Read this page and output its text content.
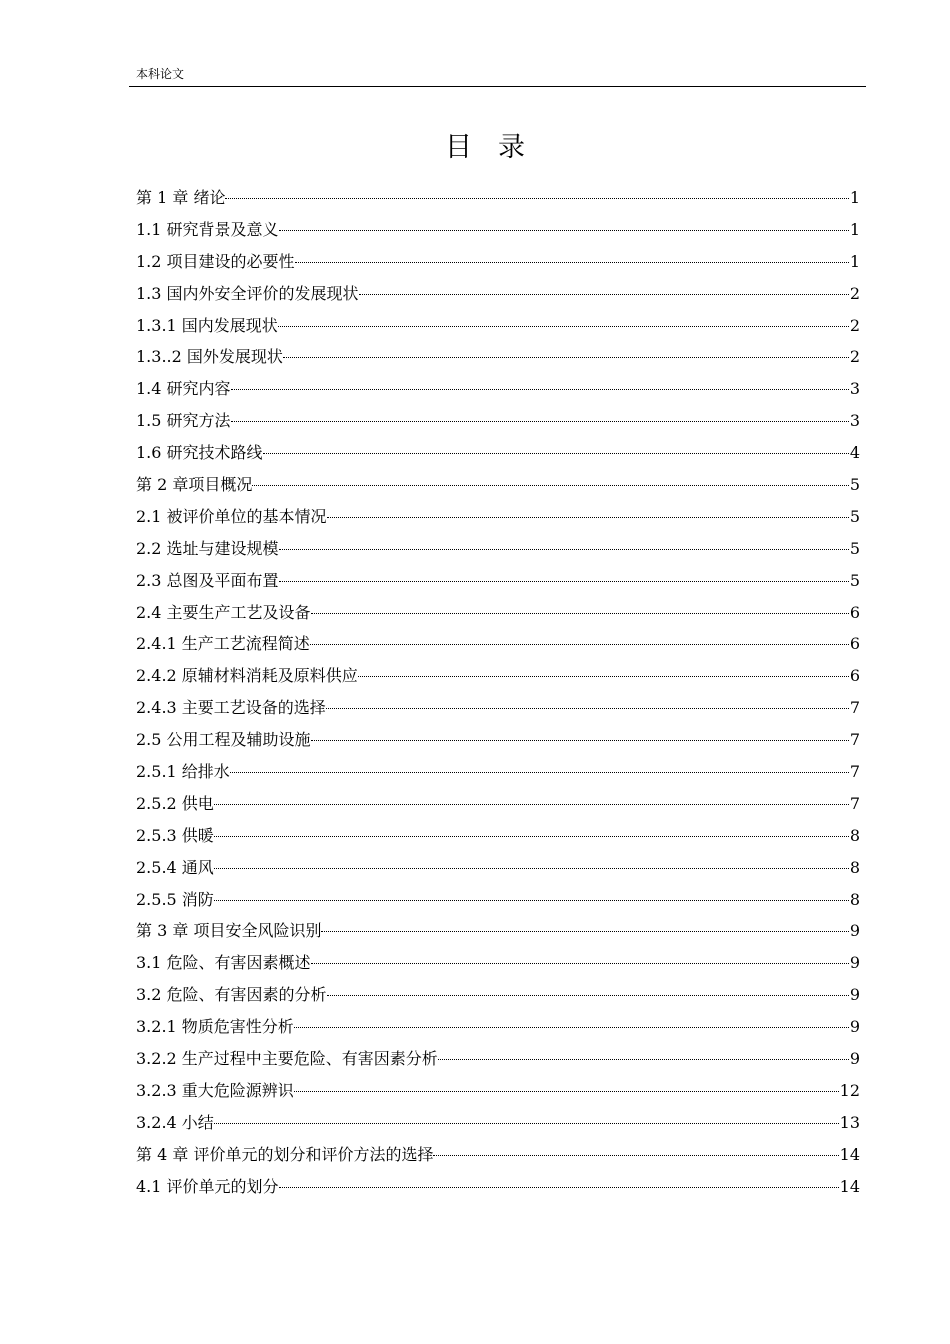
本科论文
目录
第 1 章 绪论	1
1.1 研究背景及意义	1
1.2 项目建设的必要性	1
1.3 国内外安全评价的发展现状	2
1.3.1 国内发展现状	2
1.3..2 国外发展现状	2
1.4 研究内容	3
1.5 研究方法	3
1.6 研究技术路线	4
第 2 章项目概况	5
2.1 被评价单位的基本情况	5
2.2 选址与建设规模	5
2.3 总图及平面布置	5
2.4 主要生产工艺及设备	6
2.4.1 生产工艺流程简述	6
2.4.2 原辅材料消耗及原料供应	6
2.4.3 主要工艺设备的选择	7
2.5 公用工程及辅助设施	7
2.5.1 给排水	7
2.5.2 供电	7
2.5.3 供暖	8
2.5.4 通风	8
2.5.5 消防	8
第 3 章 项目安全风险识别	9
3.1 危险、有害因素概述	9
3.2 危险、有害因素的分析	9
3.2.1 物质危害性分析	9
3.2.2 生产过程中主要危险、有害因素分析	9
3.2.3 重大危险源辨识	12
3.2.4 小结	13
第 4 章 评价单元的划分和评价方法的选择	14
4.1 评价单元的划分	14
